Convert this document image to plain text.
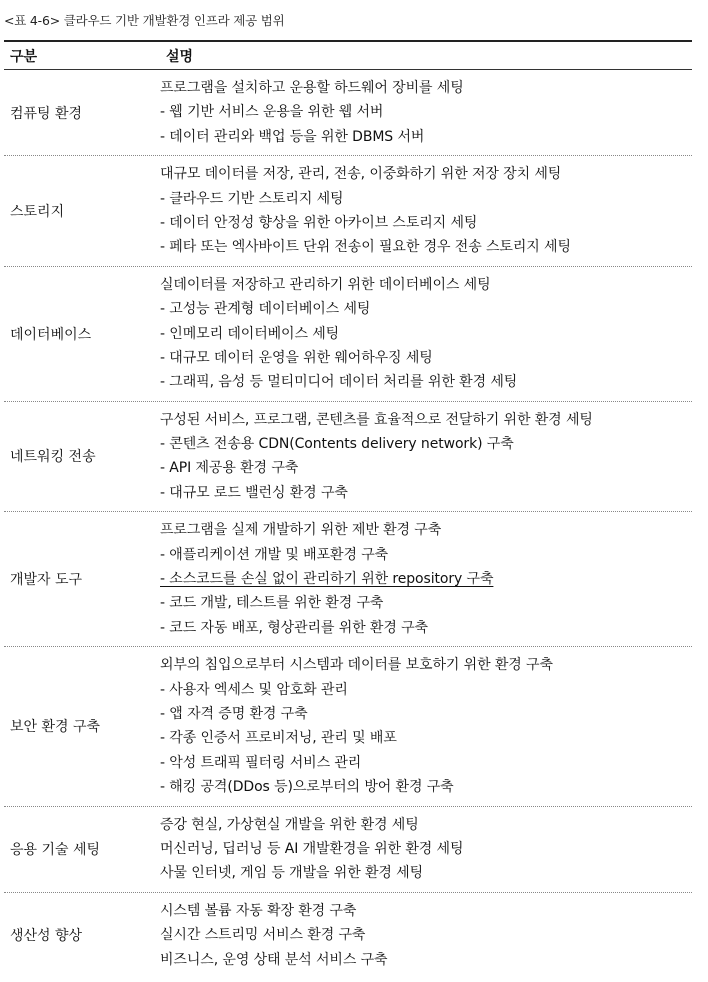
<표 4-6> 클라우드 기반 개발환경 인프라 제공 범위
구분	설명
컴퓨팅 환경
프로그램을 설치하고 운용할 하드웨어 장비를 세팅
- 웹 기반 서비스 운용을 위한 웹 서버
- 데이터 관리와 백업 등을 위한 DBMS 서버
스토리지
대규모 데이터를 저장, 관리, 전송, 이중화하기 위한 저장 장치 세팅
- 클라우드 기반 스토리지 세팅
- 데이터 안정성 향상을 위한 아카이브 스토리지 세팅
- 페타 또는 엑사바이트 단위 전송이 필요한 경우 전송 스토리지 세팅
데이터베이스
실데이터를 저장하고 관리하기 위한 데이터베이스 세팅
- 고성능 관계형 데이터베이스 세팅
- 인메모리 데이터베이스 세팅
- 대규모 데이터 운영을 위한 웨어하우징 세팅
- 그래픽, 음성 등 멀티미디어 데이터 처리를 위한 환경 세팅
네트워킹 전송
구성된 서비스, 프로그램, 콘텐츠를 효율적으로 전달하기 위한 환경 세팅
- 콘텐츠 전송용 CDN(Contents delivery network) 구축
- API 제공용 환경 구축
- 대규모 로드 밸런싱 환경 구축
개발자 도구
프로그램을 실제 개발하기 위한 제반 환경 구축
- 애플리케이션 개발 및 배포환경 구축
- 소스코드를 손실 없이 관리하기 위한 repository 구축
- 코드 개발, 테스트를 위한 환경 구축
- 코드 자동 배포, 형상관리를 위한 환경 구축
보안 환경 구축
외부의 침입으로부터 시스템과 데이터를 보호하기 위한 환경 구축
- 사용자 엑세스 및 암호화 관리
- 앱 자격 증명 환경 구축
- 각종 인증서 프로비저닝, 관리 및 배포
- 악성 트래픽 필터링 서비스 관리
- 해킹 공격(DDos 등)으로부터의 방어 환경 구축
응용 기술 세팅
증강 현실, 가상현실 개발을 위한 환경 세팅
머신러닝, 딥러닝 등 AI 개발환경을 위한 환경 세팅
사물 인터넷, 게임 등 개발을 위한 환경 세팅
생산성 향상
시스템 볼륨 자동 확장 환경 구축
실시간 스트리밍 서비스 환경 구축
비즈니스, 운영 상태 분석 서비스 구축
